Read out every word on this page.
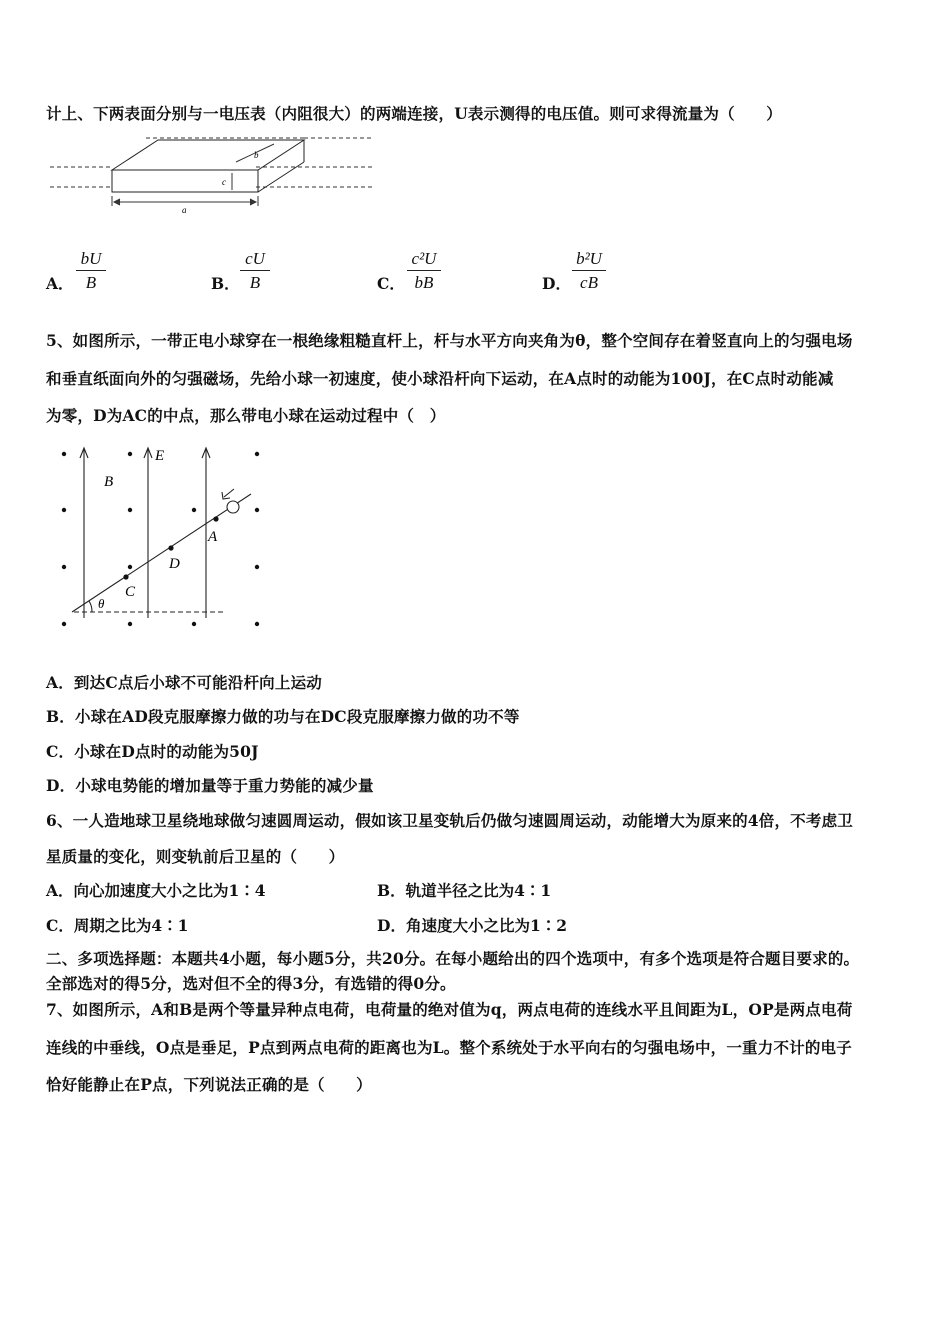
计上、下两表面分别与一电压表（内阻很大）的两端连接，U表示测得的电压值。则可求得流量为（　　）
a
b
c
A． $\frac{bU}{B}$	B． $\frac{cU}{B}$	C． $\frac{\text{c²U}}{bB}$	D． $\frac{\text{b²U}}{cB}$
5、如图所示，一带正电小球穿在一根绝缘粗糙直杆上，杆与水平方向夹角为θ，整个空间存在着竖直向上的匀强电场
和垂直纸面向外的匀强磁场，先给小球一初速度，使小球沿杆向下运动，在A点时的动能为100J，在C点时动能减
为零，D为AC的中点，那么带电小球在运动过程中（　）
E
B
A
D
C
θ
A．到达C点后小球不可能沿杆向上运动
B．小球在AD段克服摩擦力做的功与在DC段克服摩擦力做的功不等
C．小球在D点时的动能为50J
D．小球电势能的增加量等于重力势能的减少量
6、一人造地球卫星绕地球做匀速圆周运动，假如该卫星变轨后仍做匀速圆周运动，动能增大为原来的4倍，不考虑卫
星质量的变化，则变轨前后卫星的（　　）
A．向心加速度大小之比为1∶4	B．轨道半径之比为4∶1
C．周期之比为4∶1	D．角速度大小之比为1∶2
二、多项选择题：本题共4小题，每小题5分，共20分。在每小题给出的四个选项中，有多个选项是符合题目要求的。
全部选对的得5分，选对但不全的得3分，有选错的得0分。
7、如图所示，A和B是两个等量异种点电荷，电荷量的绝对值为q，两点电荷的连线水平且间距为L，OP是两点电荷
连线的中垂线，O点是垂足，P点到两点电荷的距离也为L。整个系统处于水平向右的匀强电场中，一重力不计的电子
恰好能静止在P点，下列说法正确的是（　　）
